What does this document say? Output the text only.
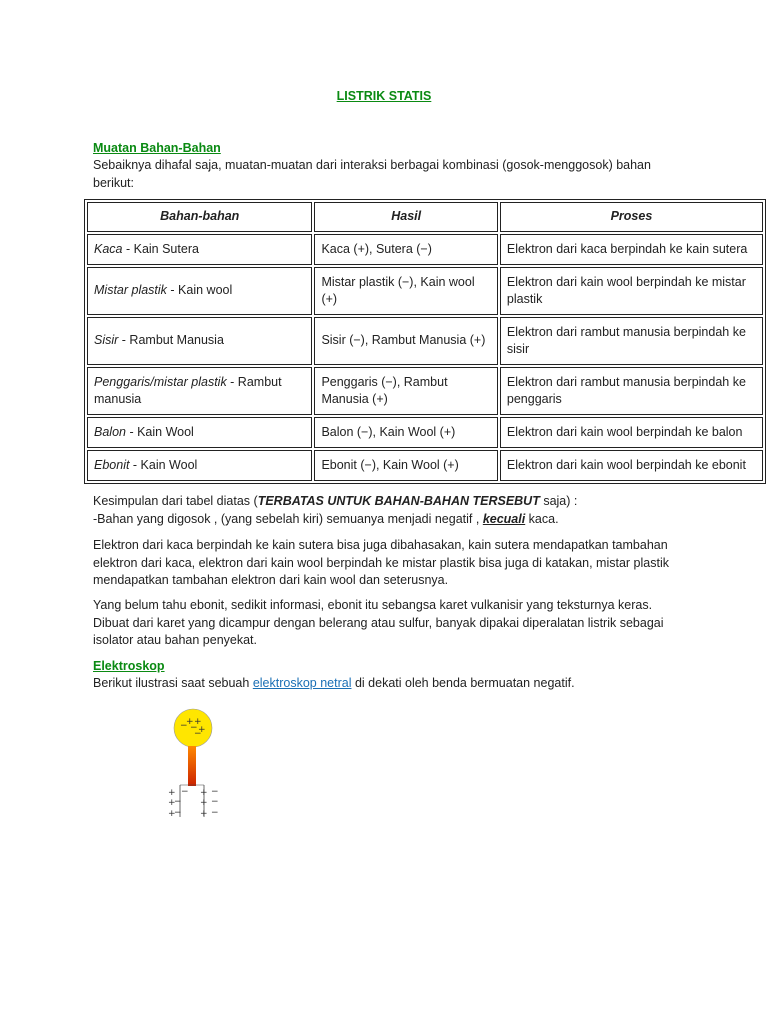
LISTRIK STATIS
Muatan Bahan-Bahan

Sebaiknya dihafal saja, muatan-muatan dari interaksi berbagai kombinasi (gosok-menggosok) bahan berikut:

Bahan-bahan	Hasil	Proses
Kaca - Kain Sutera	Kaca (+), Sutera (−)	Elektron dari kaca berpindah ke kain sutera
Mistar plastik - Kain wool	Mistar plastik (−), Kain wool (+)	Elektron dari kain wool berpindah ke mistar plastik
Sisir - Rambut Manusia	Sisir (−), Rambut Manusia (+)	Elektron dari rambut manusia berpindah ke sisir
Penggaris/mistar plastik - Rambut manusia	Penggaris (−), Rambut Manusia (+)	Elektron dari rambut manusia berpindah ke penggaris
Balon - Kain Wool	Balon (−), Kain Wool (+)	Elektron dari kain wool berpindah ke balon
Ebonit - Kain Wool	Ebonit (−), Kain Wool (+)	Elektron dari kain wool berpindah ke ebonit

Kesimpulan dari tabel diatas (TERBATAS UNTUK BAHAN-BAHAN TERSEBUT saja) :
-Bahan yang digosok , (yang sebelah kiri) semuanya menjadi negatif , kecuali kaca.

Elektron dari kaca berpindah ke kain sutera bisa juga dibahasakan, kain sutera mendapatkan tambahan elektron dari kaca, elektron dari kain wool berpindah ke mistar plastik bisa juga di katakan, mistar plastik mendapatkan tambahan elektron dari kain wool dan seterusnya.

Yang belum tahu ebonit, sedikit informasi, ebonit itu sebangsa karet vulkanisir yang teksturnya keras. Dibuat dari karet yang dicampur dengan belerang atau sulfur, banyak dipakai diperalatan listrik sebagai isolator atau bahan penyekat.

Elektroskop

Berikut ilustrasi saat sebuah elektroskop netral di dekati oleh benda bermuatan negatif.

+ +
− − +
−
+ − + −
+
− + −
+
− + −
